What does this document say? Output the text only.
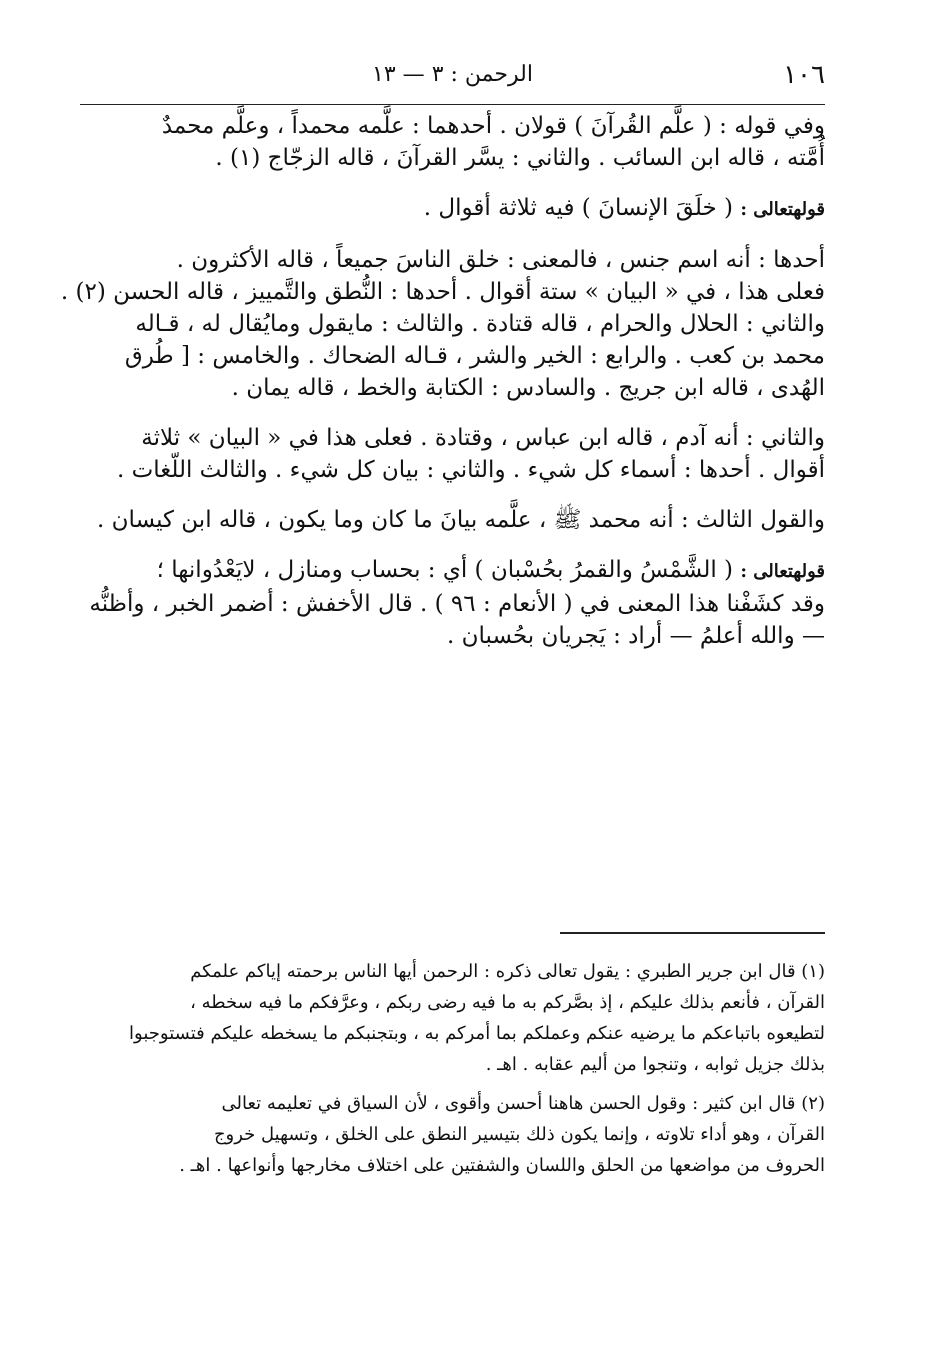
١٠٦
الرحمن : ٣ — ١٣
وفي قوله : ( علَّم القُرآنَ ) قولان . أحدهما : علَّمه محمداً ، وعلَّم محمدٌ
أُمَّته ، قاله ابن السائب . والثاني : يسَّر القرآنَ ، قاله الزجّاج (١) .
قولهتعالى : ( خلَقَ الإنسانَ ) فيه ثلاثة أقوال .
أحدها : أنه اسم جنس ، فالمعنى : خلق الناسَ جميعاً ، قاله الأكثرون .
فعلى هذا ، في « البيان » ستة أقوال . أحدها : النُّطق والتَّمييز ، قاله الحسن (٢) .
والثاني : الحلال والحرام ، قاله قتادة . والثالث : مايقول ومايُقال له ، قـاله
محمد بن كعب . والرابع : الخير والشر ، قـاله الضحاك . والخامس : [ طُرق
الهُدى ، قاله ابن جريج . والسادس : الكتابة والخط ، قاله يمان .
والثاني : أنه آدم ، قاله ابن عباس ، وقتادة . فعلى هذا في « البيان » ثلاثة
أقوال . أحدها : أسماء كل شيء . والثاني : بيان كل شيء . والثالث اللّغات .
والقول الثالث : أنه محمد ﷺ ، علَّمه بيانَ ما كان وما يكون ، قاله ابن كيسان .
قولهتعالى : ( الشَّمْسُ والقمرُ بحُسْبان ) أي : بحساب ومنازل ، لايَعْدُوانها ؛
وقد كشَفْنا هذا المعنى في ( الأنعام : ٩٦ ) . قال الأخفش : أضمر الخبر ، وأظنُّه
— والله أعلمُ — أراد : يَجريان بحُسبان .
(١) قال ابن جرير الطبري : يقول تعالى ذكره : الرحمن أيها الناس برحمته إياكم علمكم
القرآن ، فأنعم بذلك عليكم ، إذ بصَّركم به ما فيه رضى ربكم ، وعرَّفكم ما فيه سخطه ،
لتطيعوه باتباعكم ما يرضيه عنكم وعملكم بما أمركم به ، وبتجنبكم ما يسخطه عليكم فتستوجبوا
بذلك جزيل ثوابه ، وتنجوا من أليم عقابه . اهـ .
(٢) قال ابن كثير : وقول الحسن هاهنا أحسن وأقوى ، لأن السياق في تعليمه تعالى
القرآن ، وهو أداء تلاوته ، وإنما يكون ذلك بتيسير النطق على الخلق ، وتسهيل خروج
الحروف من مواضعها من الحلق واللسان والشفتين على اختلاف مخارجها وأنواعها . اهـ .
